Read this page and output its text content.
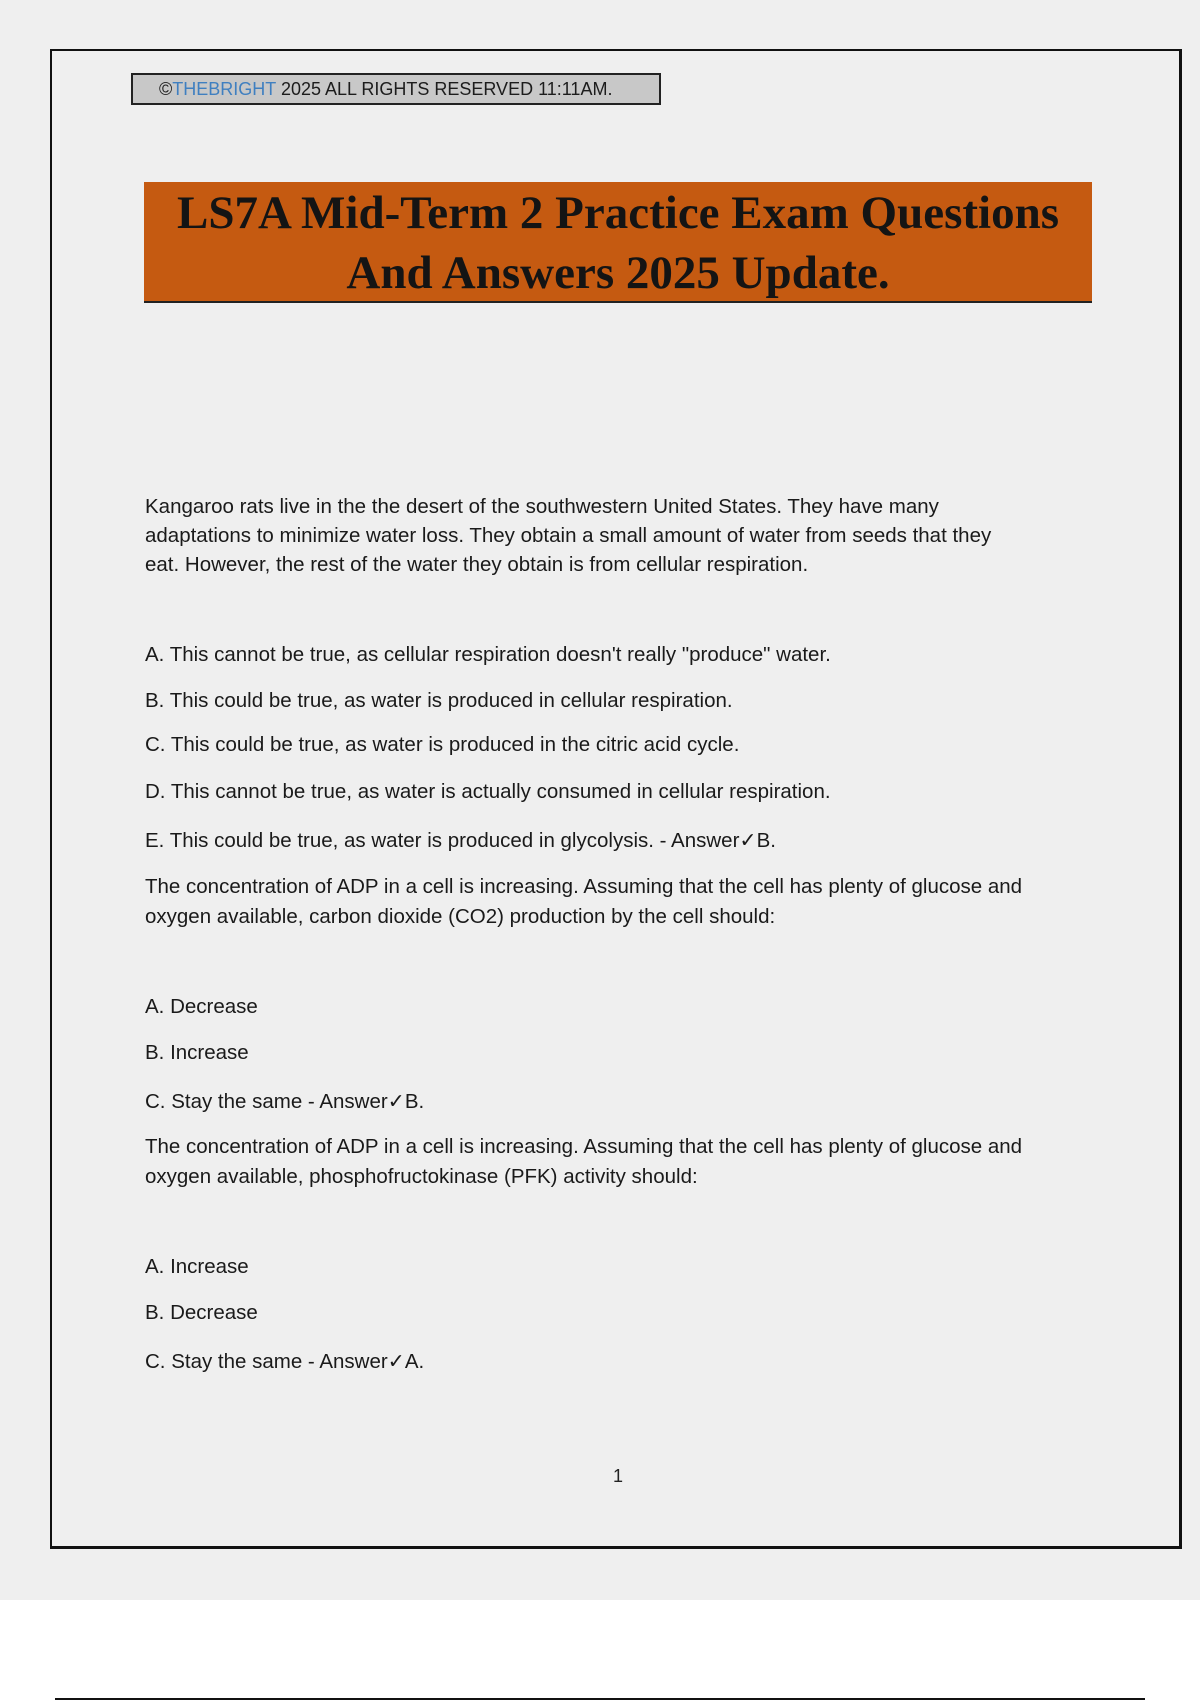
©THEBRIGHT 2025 ALL RIGHTS RESERVED 11:11AM.
LS7A Mid-Term 2 Practice Exam Questions
And Answers 2025 Update.
Kangaroo rats live in the the desert of the southwestern United States. They have many
adaptations to minimize water loss. They obtain a small amount of water from seeds that they
eat. However, the rest of the water they obtain is from cellular respiration.
A. This cannot be true, as cellular respiration doesn't really "produce" water.
B. This could be true, as water is produced in cellular respiration.
C. This could be true, as water is produced in the citric acid cycle.
D. This cannot be true, as water is actually consumed in cellular respiration.
E. This could be true, as water is produced in glycolysis. - Answer✓B.
The concentration of ADP in a cell is increasing. Assuming that the cell has plenty of glucose and
oxygen available, carbon dioxide (CO2) production by the cell should:
A. Decrease
B. Increase
C. Stay the same - Answer✓B.
The concentration of ADP in a cell is increasing. Assuming that the cell has plenty of glucose and
oxygen available, phosphofructokinase (PFK) activity should:
A. Increase
B. Decrease
C. Stay the same - Answer✓A.
1
